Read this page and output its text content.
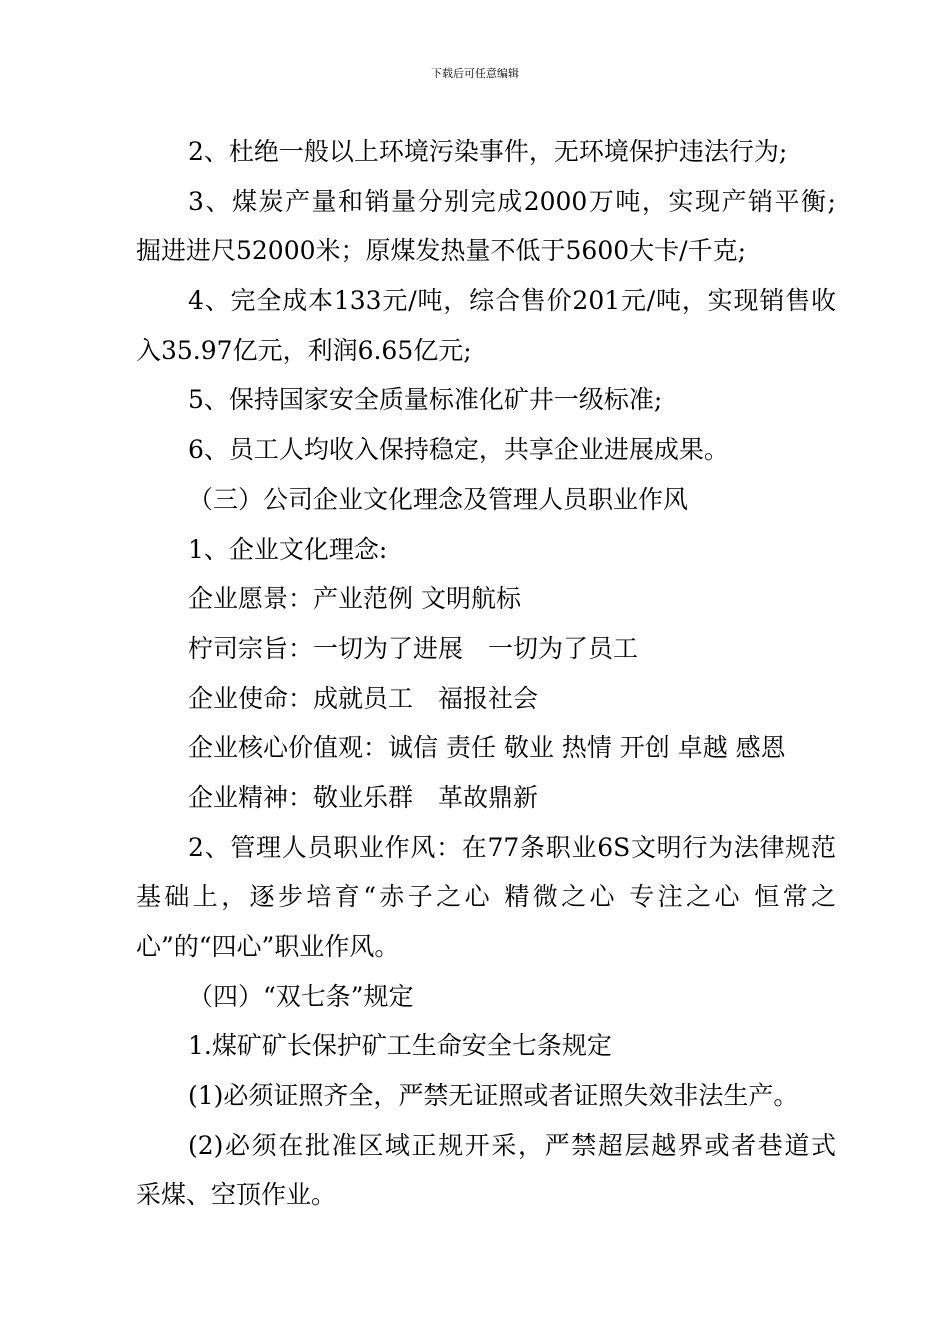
下载后可任意编辑
2、杜绝一般以上环境污染事件，无环境保护违法行为;
3、煤炭产量和销量分别完成2000万吨，实现产销平衡;
掘进进尺52000米；原煤发热量不低于5600大卡/千克;
4、完全成本133元/吨，综合售价201元/吨，实现销售收
入35.97亿元，利润6.65亿元;
5、保持国家安全质量标准化矿井一级标准;
6、员工人均收入保持稳定，共享企业进展成果。
（三）公司企业文化理念及管理人员职业作风
1、企业文化理念:
企业愿景：产业范例 文明航标
柠司宗旨：一切为了进展　一切为了员工
企业使命：成就员工　福报社会
企业核心价值观：诚信 责任 敬业 热情 开创 卓越 感恩
企业精神：敬业乐群　革故鼎新
2、管理人员职业作风：在77条职业6S文明行为法律规范
基础上，逐步培育“赤子之心 精微之心 专注之心 恒常之
心”的“四心”职业作风。
（四）“双七条”规定
1.煤矿矿长保护矿工生命安全七条规定
(1)必须证照齐全，严禁无证照或者证照失效非法生产。
(2)必须在批准区域正规开采，严禁超层越界或者巷道式
采煤、空顶作业。
